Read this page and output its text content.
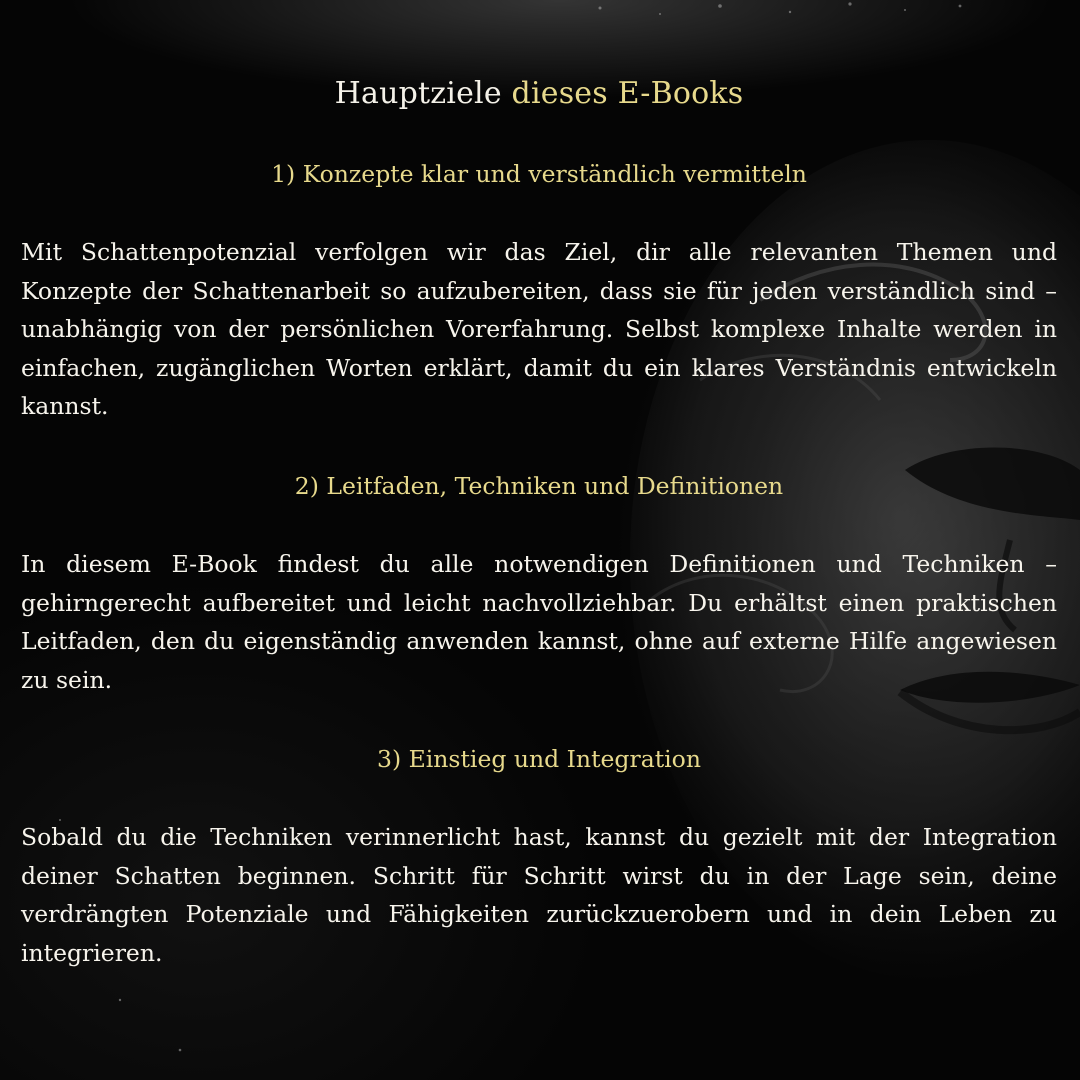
Hauptziele dieses E-Books
1) Konzepte klar und verständlich vermitteln
Mit Schattenpotenzial verfolgen wir das Ziel, dir alle relevanten Themen und Konzepte der Schattenarbeit so aufzubereiten, dass sie für jeden verständlich sind – unabhängig von der persönlichen Vorerfahrung. Selbst komplexe Inhalte werden in einfachen, zugänglichen Worten erklärt, damit du ein klares Verständnis entwickeln kannst.
2) Leitfaden, Techniken und Definitionen
In diesem E-Book findest du alle notwendigen Definitionen und Techniken – gehirngerecht aufbereitet und leicht nachvollziehbar. Du erhältst einen praktischen Leitfaden, den du eigenständig anwenden kannst, ohne auf externe Hilfe angewiesen zu sein.
3) Einstieg und Integration
Sobald du die Techniken verinnerlicht hast, kannst du gezielt mit der Integration deiner Schatten beginnen. Schritt für Schritt wirst du in der Lage sein, deine verdrängten Potenziale und Fähigkeiten zurückzuerobern und in dein Leben zu integrieren.
